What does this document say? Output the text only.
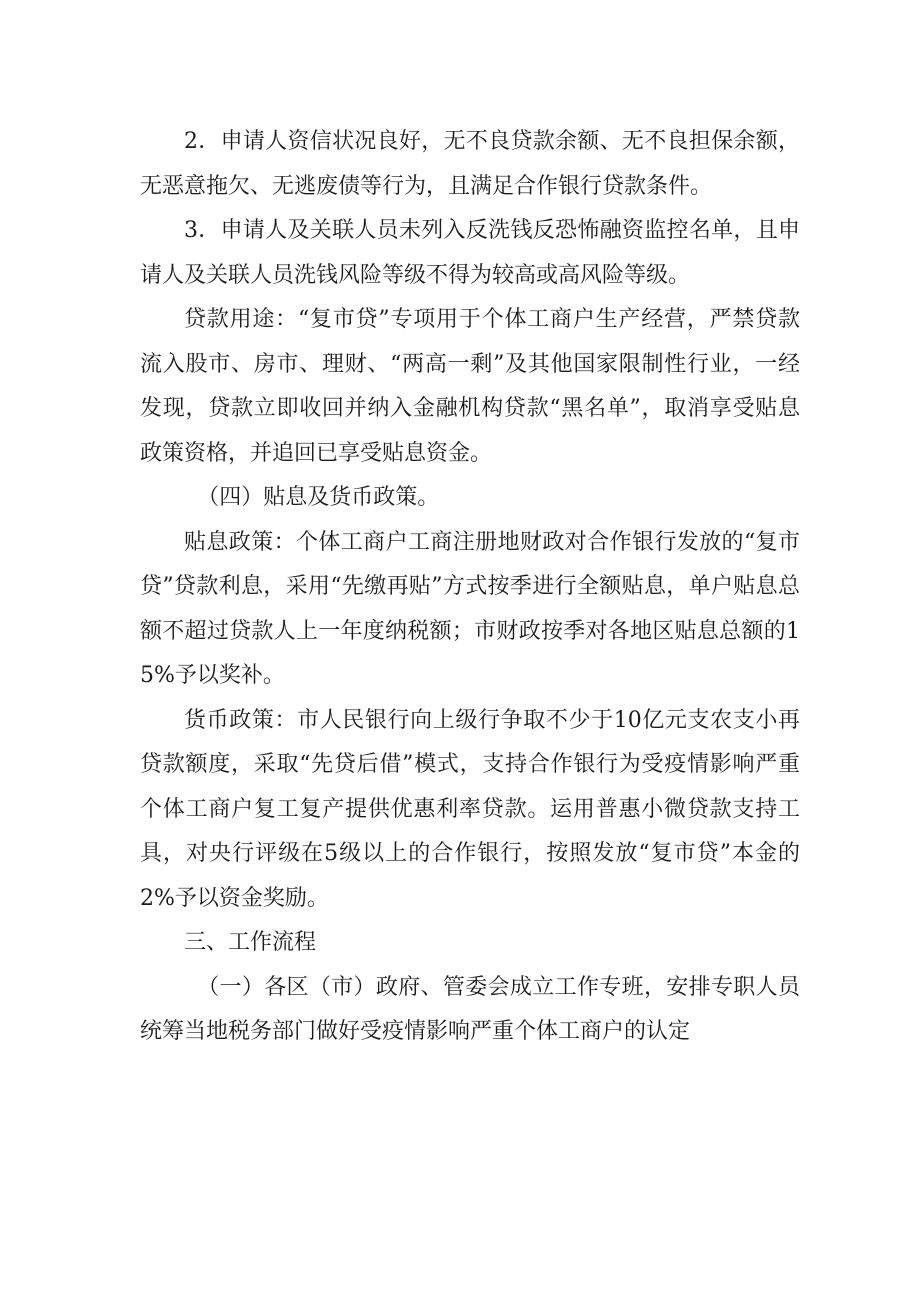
2．申请人资信状况良好，无不良贷款余额、无不良担保余额，无恶意拖欠、无逃废债等行为，且满足合作银行贷款条件。

3．申请人及关联人员未列入反洗钱反恐怖融资监控名单，且申请人及关联人员洗钱风险等级不得为较高或高风险等级。

贷款用途：“复市贷”专项用于个体工商户生产经营，严禁贷款流入股市、房市、理财、“两高一剩”及其他国家限制性行业，一经发现，贷款立即收回并纳入金融机构贷款“黑名单”，取消享受贴息政策资格，并追回已享受贴息资金。

（四）贴息及货币政策。

贴息政策：个体工商户工商注册地财政对合作银行发放的“复市贷”贷款利息，采用“先缴再贴”方式按季进行全额贴息，单户贴息总额不超过贷款人上一年度纳税额；市财政按季对各地区贴息总额的15%予以奖补。

货币政策：市人民银行向上级行争取不少于10亿元支农支小再贷款额度，采取“先贷后借”模式，支持合作银行为受疫情影响严重个体工商户复工复产提供优惠利率贷款。运用普惠小微贷款支持工具，对央行评级在5级以上的合作银行，按照发放“复市贷”本金的2%予以资金奖励。

三、工作流程

（一）各区（市）政府、管委会成立工作专班，安排专职人员统筹当地税务部门做好受疫情影响严重个体工商户的认定
